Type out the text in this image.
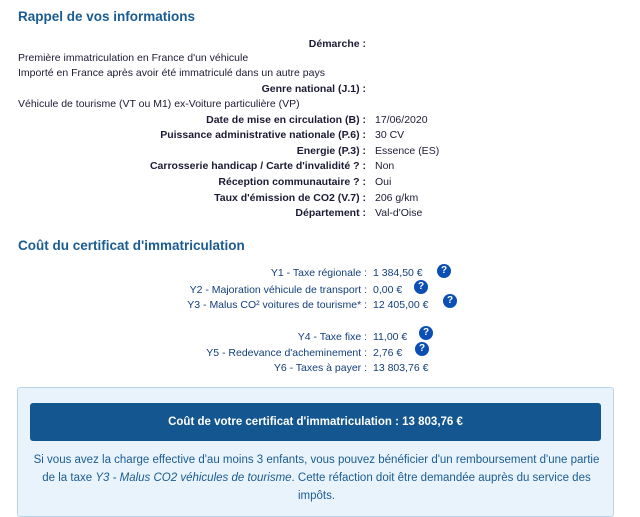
Rappel de vos informations
Démarche :
Première immatriculation en France d'un véhicule
Importé en France après avoir été immatriculé dans un autre pays
Genre national (J.1) :
Véhicule de tourisme (VT ou M1) ex-Voiture particulière (VP)
Date de mise en circulation (B) : 17/06/2020
Puissance administrative nationale (P.6) : 30 CV
Energie (P.3) : Essence (ES)
Carrosserie handicap / Carte d'invalidité ? : Non
Réception communautaire ? : Oui
Taux d'émission de CO2 (V.7) : 206 g/km
Département : Val-d'Oise
Coût du certificat d'immatriculation
Y1 - Taxe régionale : 1 384,50 €	?
Y2 - Majoration véhicule de transport : 0,00 €	?
Y3 - Malus CO² voitures de tourisme* : 12 405,00 €	?
Y4 - Taxe fixe : 11,00 €	?
Y5 - Redevance d'acheminement : 2,76 €	?
Y6 - Taxes à payer : 13 803,76 €
Coût de votre certificat d'immatriculation : 13 803,76 €
Si vous avez la charge effective d'au moins 3 enfants, vous pouvez bénéficier d'un remboursement d'une partie de la taxe Y3 - Malus CO2 véhicules de tourisme. Cette réfaction doit être demandée auprès du service des impôts.
